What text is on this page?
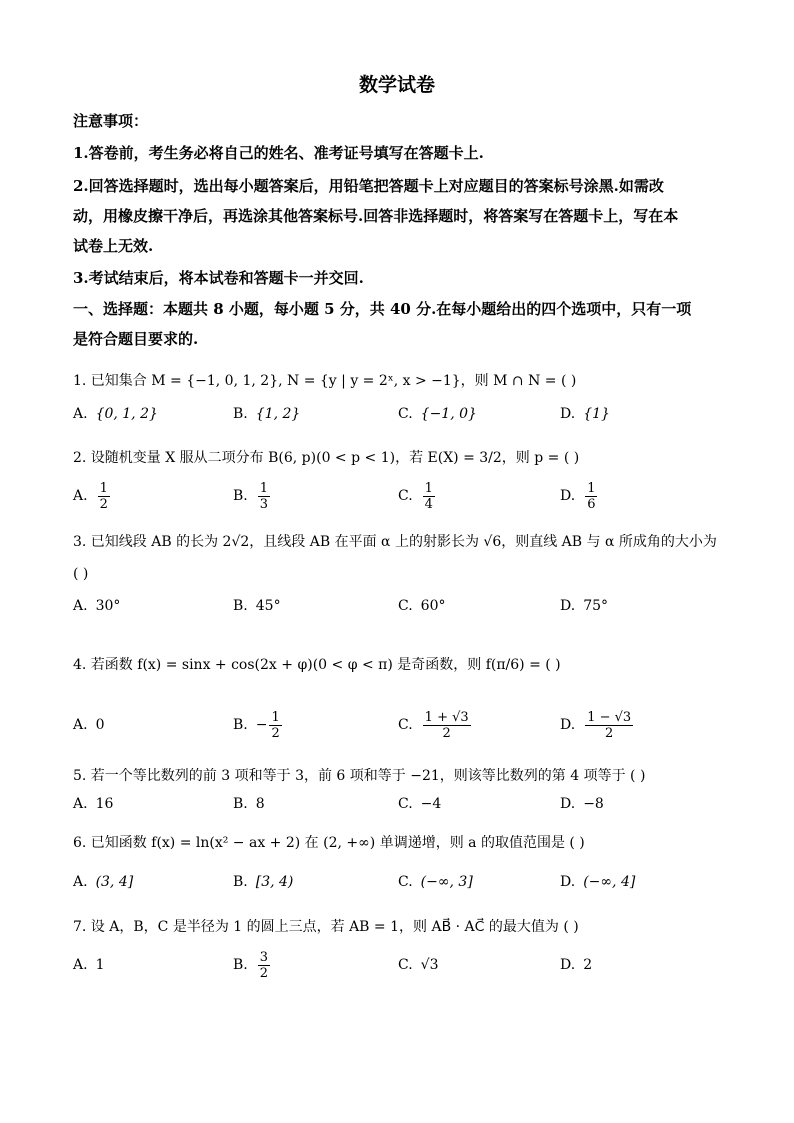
数学试卷
注意事项：
1.答卷前，考生务必将自己的姓名、准考证号填写在答题卡上.
2.回答选择题时，选出每小题答案后，用铅笔把答题卡上对应题目的答案标号涂黑.如需改
动，用橡皮擦干净后，再选涂其他答案标号.回答非选择题时，将答案写在答题卡上，写在本
试卷上无效.
3.考试结束后，将本试卷和答题卡一并交回.
一、选择题：本题共 8 小题，每小题 5 分，共 40 分.在每小题给出的四个选项中，只有一项
是符合题目要求的.
1. 已知集合 M = {−1, 0, 1, 2}, N = {y | y = 2ˣ, x > −1}，则 M ∩ N = ( )
A. {0, 1, 2}	B. {1, 2}	C. {−1, 0}	D. {1}
2. 设随机变量 X 服从二项分布 B(6, p)(0 < p < 1)，若 E(X) = 3/2，则 p = ( )
A. $\frac{1}{2}$	B. $\frac{1}{3}$	C. $\frac{1}{4}$	D. $\frac{1}{6}$
3. 已知线段 AB 的长为 2√2，且线段 AB 在平面 α 上的射影长为 √6，则直线 AB 与 α 所成角的大小为
( )
A. 30°	B. 45°	C. 60°	D. 75°
4. 若函数 f(x) = sinx + cos(2x + φ)(0 < φ < π) 是奇函数，则 f(π/6) = ( )
A. 0	B. − $\frac{1}{2}$	C. $\frac{1 + √3}{2}$	D. $\frac{1 - √3}{2}$
5. 若一个等比数列的前 3 项和等于 3，前 6 项和等于 −21，则该等比数列的第 4 项等于 ( )
A. 16	B. 8	C. −4	D. −8
6. 已知函数 f(x) = ln(x² − ax + 2) 在 (2, +∞) 单调递增，则 a 的取值范围是 ( )
A. (3, 4]	B. [3, 4)	C. (−∞, 3]	D. (−∞, 4]
7. 设 A，B，C 是半径为 1 的圆上三点，若 AB = 1，则 AB⃗ · AC⃗ 的最大值为 ( )
A. 1	B. $\frac{3}{2}$	C. √3	D. 2
